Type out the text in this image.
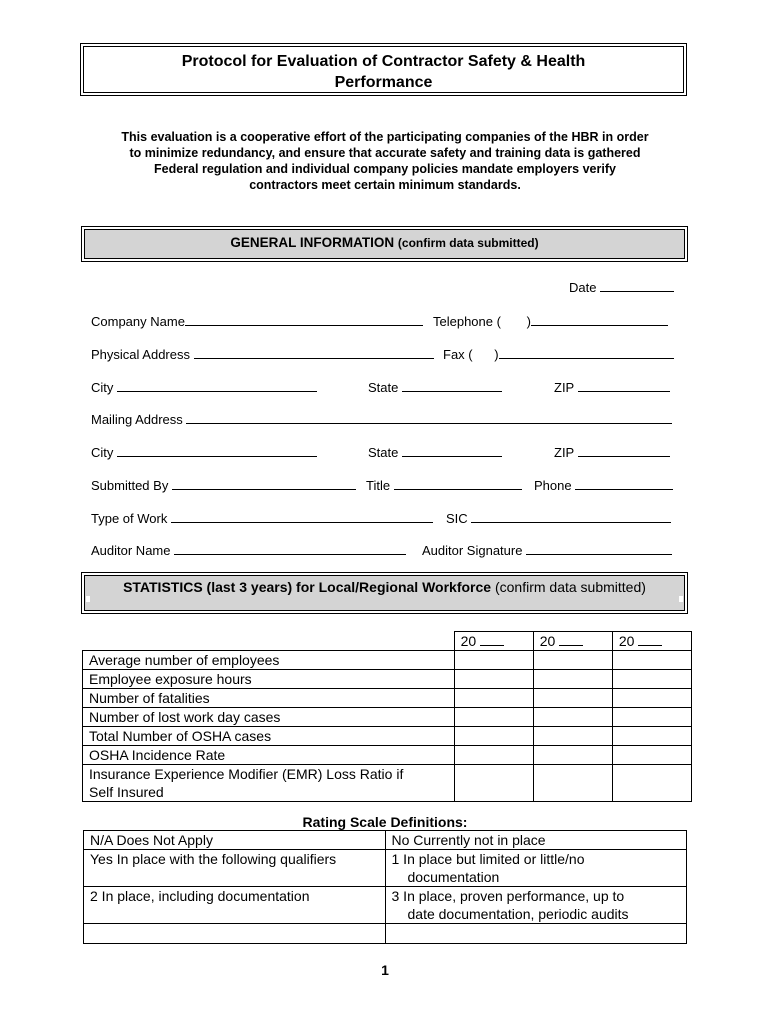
Protocol for Evaluation of Contractor Safety & Health
Performance
This evaluation is a cooperative effort of the participating companies of the HBR in order
to minimize redundancy, and ensure that accurate safety and training data is gathered
Federal regulation and individual company policies mandate employers verify
contractors meet certain minimum standards.
GENERAL INFORMATION (confirm data submitted)
Date
Company Name	Telephone ( )
Physical Address	Fax ( )
City	State	ZIP
Mailing Address
City	State	ZIP
Submitted By	Title	Phone
Type of Work	SIC
Auditor Name	Auditor Signature
STATISTICS (last 3 years) for Local/Regional Workforce (confirm data submitted)
	20	20	20
Average number of employees			
Employee exposure hours			
Number of fatalities			
Number of lost work day cases			
Total Number of OSHA cases			
OSHA Incidence Rate			
Insurance Experience Modifier (EMR) Loss Ratio if
Self Insured			
Rating Scale Definitions:
N/A Does Not Apply	No Currently not in place
Yes In place with the following qualifiers	1 In place but limited or little/no
documentation

2 In place, including documentation	3 In place, proven performance, up to
date documentation, periodic audits

1
